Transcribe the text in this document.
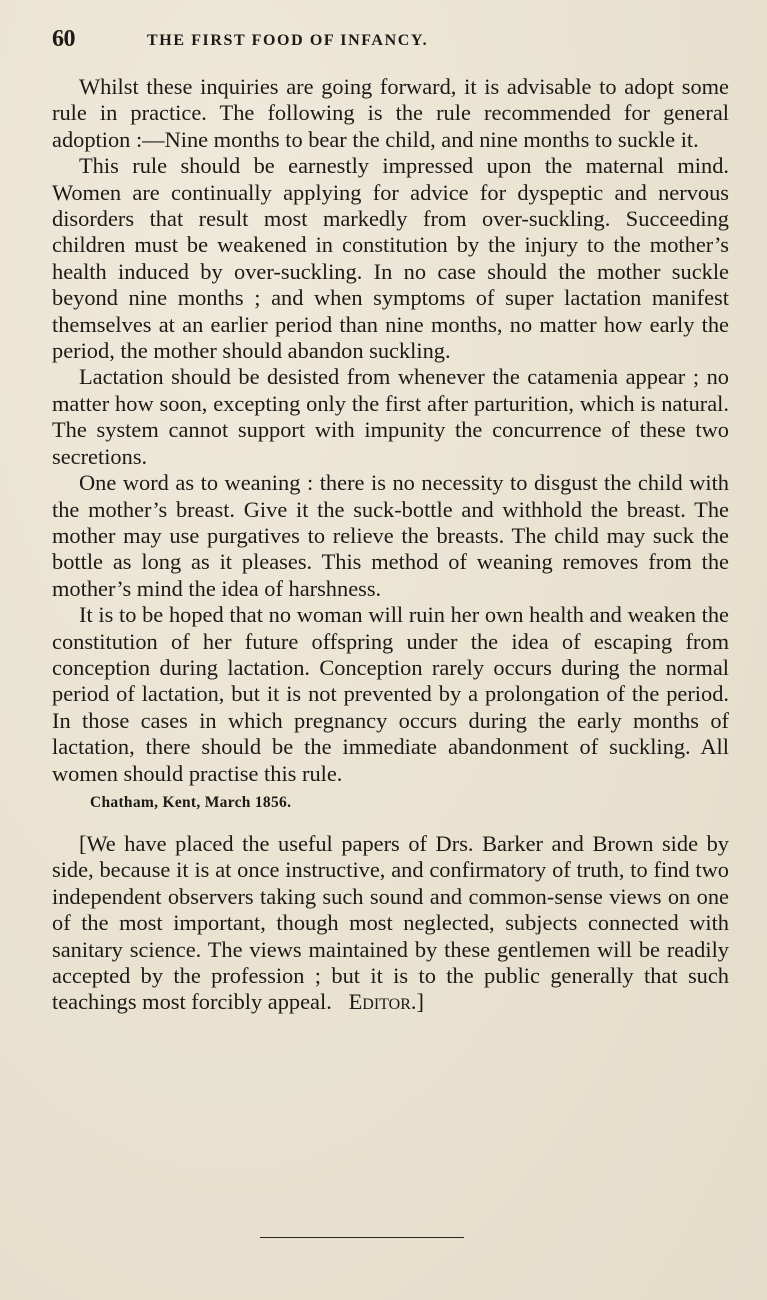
60	THE FIRST FOOD OF INFANCY.

Whilst these inquiries are going forward, it is advisable to adopt some rule in practice. The following is the rule recommended for general adoption :—Nine months to bear the child, and nine months to suckle it.

This rule should be earnestly impressed upon the maternal mind. Women are continually applying for advice for dyspeptic and nervous disorders that result most markedly from over-suckling. Succeeding children must be weakened in constitution by the injury to the mother’s health induced by over-suckling. In no case should the mother suckle beyond nine months ; and when symptoms of super lactation manifest themselves at an earlier period than nine months, no matter how early the period, the mother should abandon suckling.

Lactation should be desisted from whenever the catamenia appear ; no matter how soon, excepting only the first after parturition, which is natural. The system cannot support with impunity the concurrence of these two secretions.

One word as to weaning : there is no necessity to disgust the child with the mother’s breast. Give it the suck-bottle and withhold the breast. The mother may use purgatives to relieve the breasts. The child may suck the bottle as long as it pleases. This method of weaning removes from the mother’s mind the idea of harshness.

It is to be hoped that no woman will ruin her own health and weaken the constitution of her future offspring under the idea of escaping from conception during lactation. Conception rarely occurs during the normal period of lactation, but it is not prevented by a prolongation of the period. In those cases in which pregnancy occurs during the early months of lactation, there should be the immediate abandonment of suckling. All women should practise this rule.

Chatham, Kent, March 1856.

[We have placed the useful papers of Drs. Barker and Brown side by side, because it is at once instructive, and confirmatory of truth, to find two independent observers taking such sound and common-sense views on one of the most important, though most neglected, subjects connected with sanitary science. The views maintained by these gentlemen will be readily accepted by the profession ; but it is to the public generally that such teachings most forcibly appeal. Editor.]
